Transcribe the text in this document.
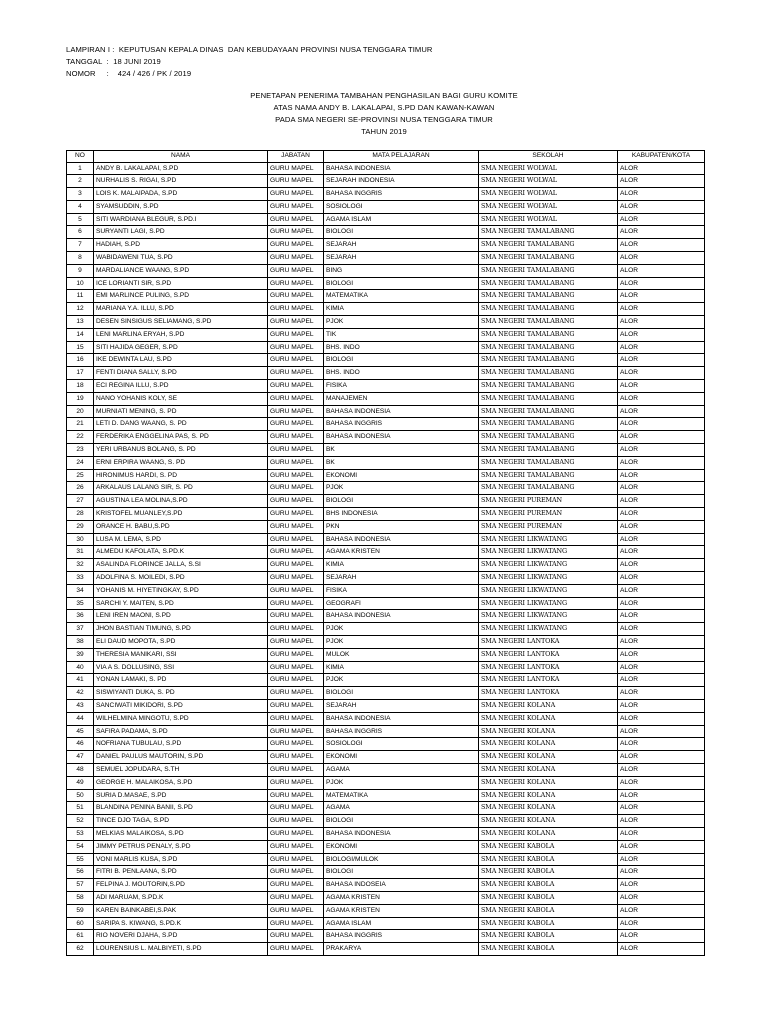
LAMPIRAN I :  KEPUTUSAN KEPALA DINAS  DAN KEBUDAYAAN PROVINSI NUSA TENGGARA TIMUR
TANGGAL  :  18 JUNI 2019
NOMOR     :    424 / 426 / PK / 2019
PENETAPAN PENERIMA TAMBAHAN PENGHASILAN BAGI GURU KOMITE
ATAS NAMA ANDY B. LAKALAPAI, S.PD DAN KAWAN-KAWAN
PADA SMA NEGERI SE-PROVINSI NUSA TENGGARA TIMUR
TAHUN 2019
NO	NAMA	JABATAN	MATA PELAJARAN	SEKOLAH	KABUPATEN/KOTA
1	ANDY B. LAKALAPAI, S.PD	GURU MAPEL	BAHASA INDONESIA	SMA NEGERI WOLWAL	ALOR
2	NURHALIS S. RIGAI, S.PD	GURU MAPEL	SEJARAH INDONESIA	SMA NEGERI WOLWAL	ALOR
3	LOIS K. MALAIPADA, S.PD	GURU MAPEL	BAHASA INGGRIS	SMA NEGERI WOLWAL	ALOR
4	SYAMSUDDIN, S.PD	GURU MAPEL	SOSIOLOGI	SMA NEGERI WOLWAL	ALOR
5	SITI WARDIANA BLEGUR, S.PD.I	GURU MAPEL	AGAMA ISLAM	SMA NEGERI WOLWAL	ALOR
6	SURYANTI LAGI, S.PD	GURU MAPEL	BIOLOGI	SMA NEGERI TAMALABANG	ALOR
7	HADIAH, S.PD	GURU MAPEL	SEJARAH	SMA NEGERI TAMALABANG	ALOR
8	WABIDAWENI TUA, S.PD	GURU MAPEL	SEJARAH	SMA NEGERI TAMALABANG	ALOR
9	MARDALIANCE WAANG, S.PD	GURU MAPEL	BING	SMA NEGERI TAMALABANG	ALOR
10	ICE LORIANTI SIR, S.PD	GURU MAPEL	BIOLOGI	SMA NEGERI TAMALABANG	ALOR
11	EMI MARLINCE PULING, S.PD	GURU MAPEL	MATEMATIKA	SMA NEGERI TAMALABANG	ALOR
12	MARIANA Y.A. ILLU, S.PD	GURU MAPEL	KIMIA	SMA NEGERI TAMALABANG	ALOR
13	DESEN SINSIGUS SELIAMANG, S.PD	GURU MAPEL	PJOK	SMA NEGERI TAMALABANG	ALOR
14	LENI MARLINA ERYAH, S.PD	GURU MAPEL	TIK	SMA NEGERI TAMALABANG	ALOR
15	SITI HAJIDA GEGER, S.PD	GURU MAPEL	BHS. INDO	SMA NEGERI TAMALABANG	ALOR
16	IKE DEWINTA LAU, S.PD	GURU MAPEL	BIOLOGI	SMA NEGERI TAMALABANG	ALOR
17	FENTI DIANA SALLY, S.PD	GURU MAPEL	BHS. INDO	SMA NEGERI TAMALABANG	ALOR
18	ECI REGINA ILLU, S.PD	GURU MAPEL	FISIKA	SMA NEGERI TAMALABANG	ALOR
19	NANO YOHANIS KOLY, SE	GURU MAPEL	MANAJEMEN	SMA NEGERI TAMALABANG	ALOR
20	MURNIATI MENING, S. PD	GURU MAPEL	BAHASA INDONESIA	SMA NEGERI TAMALABANG	ALOR
21	LETI D. DANG WAANG, S. PD	GURU MAPEL	BAHASA INGGRIS	SMA NEGERI TAMALABANG	ALOR
22	FERDERIKA ENGGELINA PAS, S. PD	GURU MAPEL	BAHASA INDONESIA	SMA NEGERI TAMALABANG	ALOR
23	YERI URBANUS BOLANG, S. PD	GURU MAPEL	BK	SMA NEGERI TAMALABANG	ALOR
24	ERNI ERPIRA WAANG, S. PD	GURU MAPEL	BK	SMA NEGERI TAMALABANG	ALOR
25	HIRONIMUS HARDI, S. PD	GURU MAPEL	EKONOMI	SMA NEGERI TAMALABANG	ALOR
26	ARKALAUS LALANG SIR, S. PD	GURU MAPEL	PJOK	SMA NEGERI TAMALABANG	ALOR
27	AGUSTINA LEA MOLINA,S.PD	GURU MAPEL	BIOLOGI	SMA NEGERI PUREMAN	ALOR
28	KRISTOFEL MUANLEY,S.PD	GURU MAPEL	BHS INDONESIA	SMA NEGERI PUREMAN	ALOR
29	ORANCE H. BABU,S.PD	GURU MAPEL	PKN	SMA NEGERI PUREMAN	ALOR
30	LUSA M. LEMA, S.PD	GURU MAPEL	BAHASA INDONESIA	SMA NEGERI LIKWATANG	ALOR
31	ALMEDU KAFOLATA, S.PD.K	GURU MAPEL	AGAMA KRISTEN	SMA NEGERI LIKWATANG	ALOR
32	ASALINDA FLORINCE JALLA, S.SI	GURU MAPEL	KIMIA	SMA NEGERI LIKWATANG	ALOR
33	ADOLFINA S. MOILEDI, S.PD	GURU MAPEL	SEJARAH	SMA NEGERI LIKWATANG	ALOR
34	YOHANIS M. HIYETINGKAY, S.PD	GURU MAPEL	FISIKA	SMA NEGERI LIKWATANG	ALOR
35	SARCHI Y. MAITEN, S.PD	GURU MAPEL	GEOGRAFI	SMA NEGERI LIKWATANG	ALOR
36	LENI IREN MAONI, S.PD	GURU MAPEL	BAHASA INDONESIA	SMA NEGERI LIKWATANG	ALOR
37	JHON BASTIAN TIMUNG, S.PD	GURU MAPEL	PJOK	SMA NEGERI LIKWATANG	ALOR
38	ELI DAUD MOPOTA, S.PD	GURU MAPEL	PJOK	SMA NEGERI LANTOKA	ALOR
39	THERESIA MANIKARI, SSI	GURU MAPEL	MULOK	SMA NEGERI LANTOKA	ALOR
40	VIA A S. DOLLUSING, SSI	GURU MAPEL	KIMIA	SMA NEGERI LANTOKA	ALOR
41	YONAN LAMAKI, S. PD	GURU MAPEL	PJOK	SMA NEGERI LANTOKA	ALOR
42	SISWIYANTI DUKA, S. PD	GURU MAPEL	BIOLOGI	SMA NEGERI LANTOKA	ALOR
43	SANCIWATI MIKIDORI, S.PD	GURU MAPEL	SEJARAH	SMA NEGERI KOLANA	ALOR
44	WILHELMINA MINGOTU, S.PD	GURU MAPEL	BAHASA INDONESIA	SMA NEGERI KOLANA	ALOR
45	SAFIRA PADAMA, S.PD	GURU MAPEL	BAHASA INGGRIS	SMA NEGERI KOLANA	ALOR
46	NOFRIANA TUBULAU, S.PD	GURU MAPEL	SOSIOLOGI	SMA NEGERI KOLANA	ALOR
47	DANIEL PAULUS MAUTORIN, S.PD	GURU MAPEL	EKONOMI	SMA NEGERI KOLANA	ALOR
48	SEMUEL JOPUDARA, S.TH	GURU MAPEL	AGAMA	SMA NEGERI KOLANA	ALOR
49	GEORGE H. MALAIKOSA, S.PD	GURU MAPEL	PJOK	SMA NEGERI KOLANA	ALOR
50	SURIA D.MASAE, S.PD	GURU MAPEL	MATEMATIKA	SMA NEGERI KOLANA	ALOR
51	BLANDINA PENINA BANII, S.PD	GURU MAPEL	AGAMA	SMA NEGERI KOLANA	ALOR
52	TINCE DJO TAGA, S.PD	GURU MAPEL	BIOLOGI	SMA NEGERI KOLANA	ALOR
53	MELKIAS MALAIKOSA, S.PD	GURU MAPEL	BAHASA INDONESIA	SMA NEGERI KOLANA	ALOR
54	JIMMY PETRUS PENALY, S.PD	GURU MAPEL	EKONOMI	SMA NEGERI KABOLA	ALOR
55	VONI MARLIS KUSA, S.PD	GURU MAPEL	BIOLOGI/MULOK	SMA NEGERI KABOLA	ALOR
56	FITRI B. PENLAANA, S.PD	GURU MAPEL	BIOLOGI	SMA NEGERI KABOLA	ALOR
57	FELPINA J. MOUTORIN,S.PD	GURU MAPEL	BAHASA INDOSEIA	SMA NEGERI KABOLA	ALOR
58	ADI MARUAM, S.PD.K	GURU MAPEL	AGAMA KRISTEN	SMA NEGERI KABOLA	ALOR
59	KAREN BAINKABEI,S.PAK	GURU MAPEL	AGAMA KRISTEN	SMA NEGERI KABOLA	ALOR
60	SARIPA S. KIWANG, S.PD.K	GURU MAPEL	AGAMA ISLAM	SMA NEGERI KABOLA	ALOR
61	RIO NOVERI DJAHA, S.PD	GURU MAPEL	BAHASA INGGRIS	SMA NEGERI KABOLA	ALOR
62	LOURENSIUS L. MALBIYETI, S.PD	GURU MAPEL	PRAKARYA	SMA NEGERI KABOLA	ALOR
